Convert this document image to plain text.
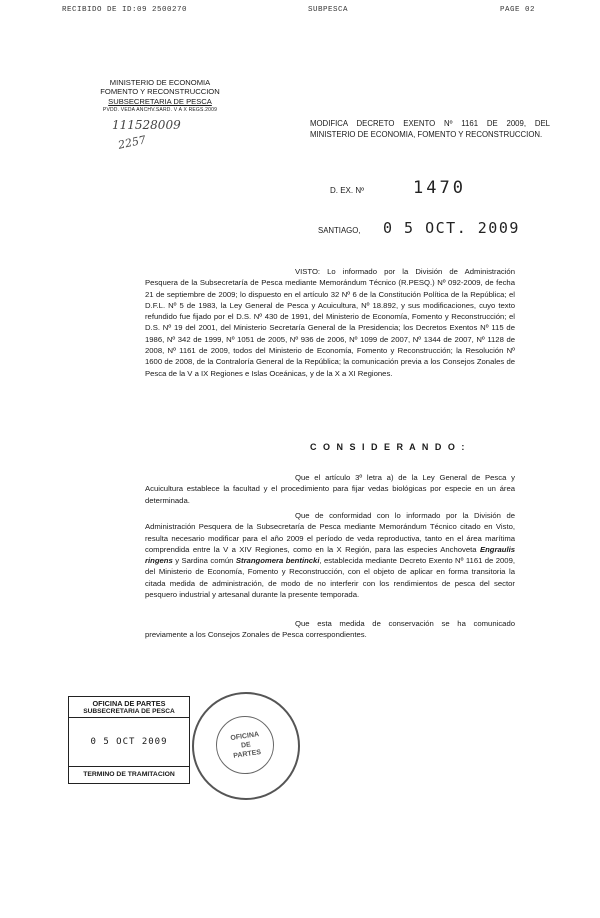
RECIBIDO DE ID:09 2500270	SUBPESCA	PAGE 02
MINISTERIO DE ECONOMIA
FOMENTO Y RECONSTRUCCION
SUBSECRETARIA DE PESCA
PVDD. VEDA ANCHV.SARD. V A X REGS.2009
111528009
2257
MODIFICA DECRETO EXENTO Nº 1161 DE 2009, DEL MINISTERIO DE ECONOMIA, FOMENTO Y RECONSTRUCCION.
D. EX. Nº	1470
SANTIAGO, 0 5 OCT. 2009
VISTO: Lo informado por la División de Administración Pesquera de la Subsecretaría de Pesca mediante Memorándum Técnico (R.PESQ.) Nº 092-2009, de fecha 21 de septiembre de 2009; lo dispuesto en el artículo 32 Nº 6 de la Constitución Política de la República; el D.F.L. Nº 5 de 1983, la Ley General de Pesca y Acuicultura, Nº 18.892, y sus modificaciones, cuyo texto refundido fue fijado por el D.S. Nº 430 de 1991, del Ministerio de Economía, Fomento y Reconstrucción; el D.S. Nº 19 del 2001, del Ministerio Secretaría General de la Presidencia; los Decretos Exentos Nº 115 de 1986, Nº 342 de 1999, Nº 1051 de 2005, Nº 936 de 2006, Nº 1099 de 2007, Nº 1344 de 2007, Nº 1128 de 2008, Nº 1161 de 2009, todos del Ministerio de Economía, Fomento y Reconstrucción; la Resolución Nº 1600 de 2008, de la Contraloría General de la República; la comunicación previa a los Consejos Zonales de Pesca de la V a IX Regiones e Islas Oceánicas, y de la X a XI Regiones.
C O N S I D E R A N D O :
Que el artículo 3º letra a) de la Ley General de Pesca y Acuicultura establece la facultad y el procedimiento para fijar vedas biológicas por especie en un área determinada.
Que de conformidad con lo informado por la División de Administración Pesquera de la Subsecretaría de Pesca mediante Memorándum Técnico citado en Visto, resulta necesario modificar para el año 2009 el período de veda reproductiva, tanto en el área marítima comprendida entre la V a XIV Regiones, como en la X Región, para las especies Anchoveta Engraulis ringens y Sardina común Strangomera bentincki, establecida mediante Decreto Exento Nº 1161 de 2009, del Ministerio de Economía, Fomento y Reconstrucción, con el objeto de aplicar en forma transitoria la citada medida de administración, de modo de no interferir con los rendimientos de pesca del sector pesquero industrial y artesanal durante la presente temporada.
Que esta medida de conservación se ha comunicado previamente a los Consejos Zonales de Pesca correspondientes.
OFICINA DE PARTES
SUBSECRETARIA DE PESCA
0 5 OCT 2009
TERMINO DE TRAMITACION
OFICINA
DE
PARTES
